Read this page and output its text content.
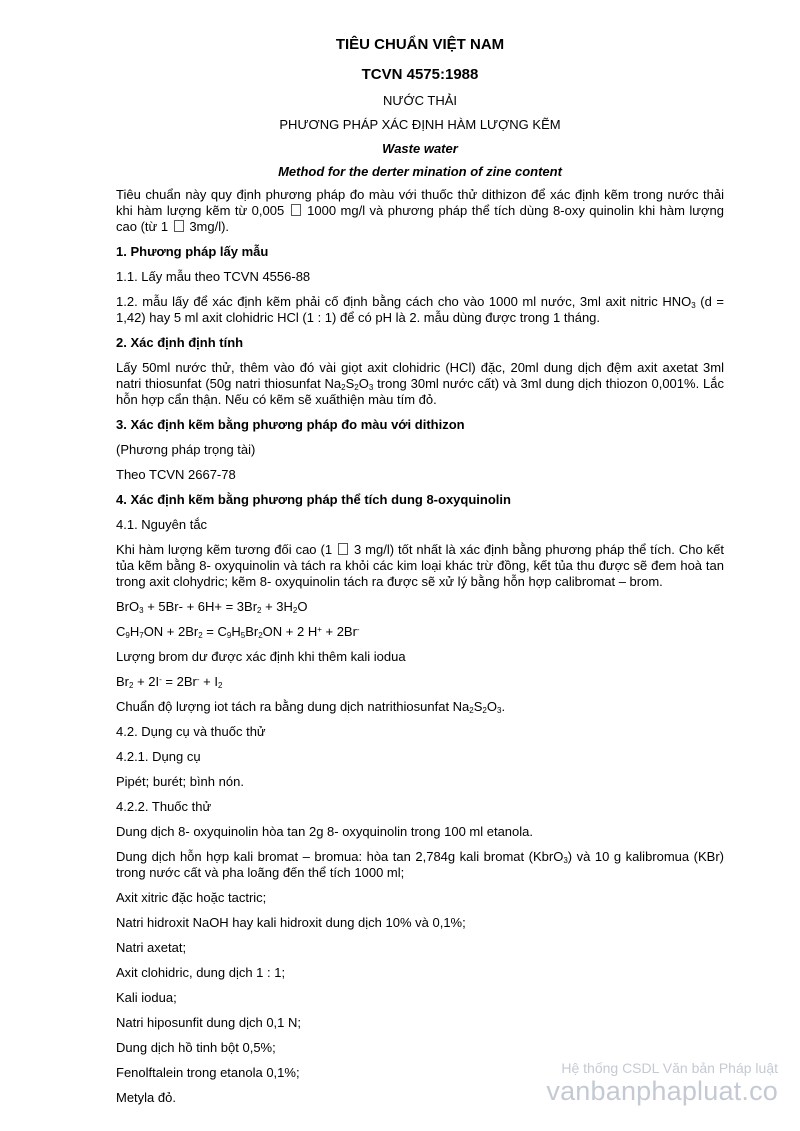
TIÊU CHUẨN VIỆT NAM
TCVN 4575:1988
NƯỚC THẢI
PHƯƠNG PHÁP XÁC ĐỊNH HÀM LƯỢNG KẼM
Waste water
Method for the derter mination of zine content

Tiêu chuẩn này quy định phương pháp đo màu với thuốc thử dithizon để xác định kẽm trong nước thải khi hàm lượng kẽm từ 0,005 1000 mg/l và phương pháp thể tích dùng 8-oxy quinolin khi hàm lượng cao (từ 1 3mg/l).

1. Phương pháp lấy mẫu

1.1. Lấy mẫu theo TCVN 4556-88

1.2. mẫu lấy để xác định kẽm phải cố định bằng cách cho vào 1000 ml nước, 3ml axit nitric $HNO_3$ (d = 1,42) hay 5 ml axit clohidric HCl (1 : 1) để có pH là 2. mẫu dùng được trong 1 tháng.

2. Xác định định tính

Lấy 50ml nước thử, thêm vào đó vài giọt axit clohidric (HCl) đặc, 20ml dung dịch đệm axit axetat 3ml natri thiosunfat (50g natri thiosunfat $Na_2S_2O_3$ trong 30ml nước cất) và 3ml dung dịch thiozon 0,001%. Lắc hỗn hợp cẩn thận. Nếu có kẽm sẽ xuấthiện màu tím đỏ.

3. Xác định kẽm bằng phương pháp đo màu với dithizon

(Phương pháp trọng tài)

Theo TCVN 2667-78

4. Xác định kẽm bằng phương pháp thể tích dung 8-oxyquinolin

4.1. Nguyên tắc

Khi hàm lượng kẽm tương đối cao (1 3 mg/l) tốt nhất là xác định bằng phương pháp thể tích. Cho kết tủa kẽm bằng 8- oxyquinolin và tách ra khỏi các kim loại khác trừ đồng, kết tủa thu được sẽ đem hoà tan trong axit clohydric; kẽm 8- oxyquinolin tách ra được sẽ xử lý bằng hỗn hợp calibromat – brom.

$BrO_3 + 5Br- + 6H+ = 3Br_2 + 3H_2O$

$C_9H_7ON + 2Br_2 = C_9H_5Br_2ON + 2$ H+ + 2Br-

Lượng brom dư được xác định khi thêm kali iodua

$Br_2 + 2I^- = 2Br^- + I_2$

Chuẩn độ lượng iot tách ra bằng dung dịch natrithiosunfat $Na_2S_2O_3$.

4.2. Dụng cụ và thuốc thử

4.2.1. Dụng cụ

Pipét; burét; bình nón.

4.2.2. Thuốc thử

Dung dịch 8- oxyquinolin hòa tan 2g 8- oxyquinolin trong 100 ml etanola.

Dung dịch hỗn hợp kali bromat – bromua: hòa tan 2,784g kali bromat (KbrO$_3$) và 10 g kalibromua (KBr) trong nước cất và pha loãng đến thể tích 1000 ml;

Axit xitric đặc hoặc tactric;

Natri hidroxit NaOH hay kali hidroxit dung dịch 10% và 0,1%;

Natri axetat;

Axit clohidric, dung dịch 1 : 1;

Kali iodua;

Natri hiposunfit dung dịch 0,1 N;

Dung dịch hồ tinh bột 0,5%;

Fenolftalein trong etanola 0,1%;

Metyla đỏ.

Hệ thống CSDL Văn bản Pháp luật
vanbanphapluat.co
